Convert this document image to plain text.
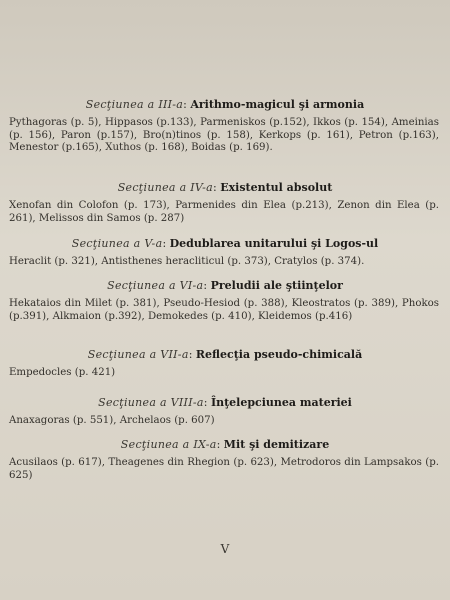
Secţiunea a III-a: Arithmo-magicul şi armonia
Pythagoras (p. 5), Hippasos (p.133), Parmeniskos (p.152), Ikkos (p. 154), Ameinias (p. 156), Paron (p.157), Bro(n)tinos (p. 158), Kerkops (p. 161), Petron (p.163), Menestor (p.165), Xuthos (p. 168), Boidas (p. 169).
Secţiunea a IV-a: Existentul absolut
Xenofan din Colofon (p. 173), Parmenides din Elea (p.213), Zenon din Elea (p. 261), Melissos din Samos (p. 287)
Secţiunea a V-a: Dedublarea unitarului şi Logos-ul
Heraclit (p. 321), Antisthenes heracliticul (p. 373), Cratylos (p. 374).
Secţiunea a VI-a: Preludii ale ştiinţelor
Hekataios din Milet (p. 381), Pseudo-Hesiod (p. 388), Kleostratos (p. 389), Phokos (p.391), Alkmaion (p.392), Demokedes (p. 410), Kleidemos (p.416)
Secţiunea a VII-a: Reflecţia pseudo-chimicală
Empedocles (p. 421)
Secţiunea a VIII-a: Înţelepciunea materiei
Anaxagoras (p. 551), Archelaos (p. 607)
Secţiunea a IX-a: Mit şi demitizare
Acusilaos (p. 617), Theagenes din Rhegion (p. 623), Metrodoros din Lampsakos (p. 625)
V
